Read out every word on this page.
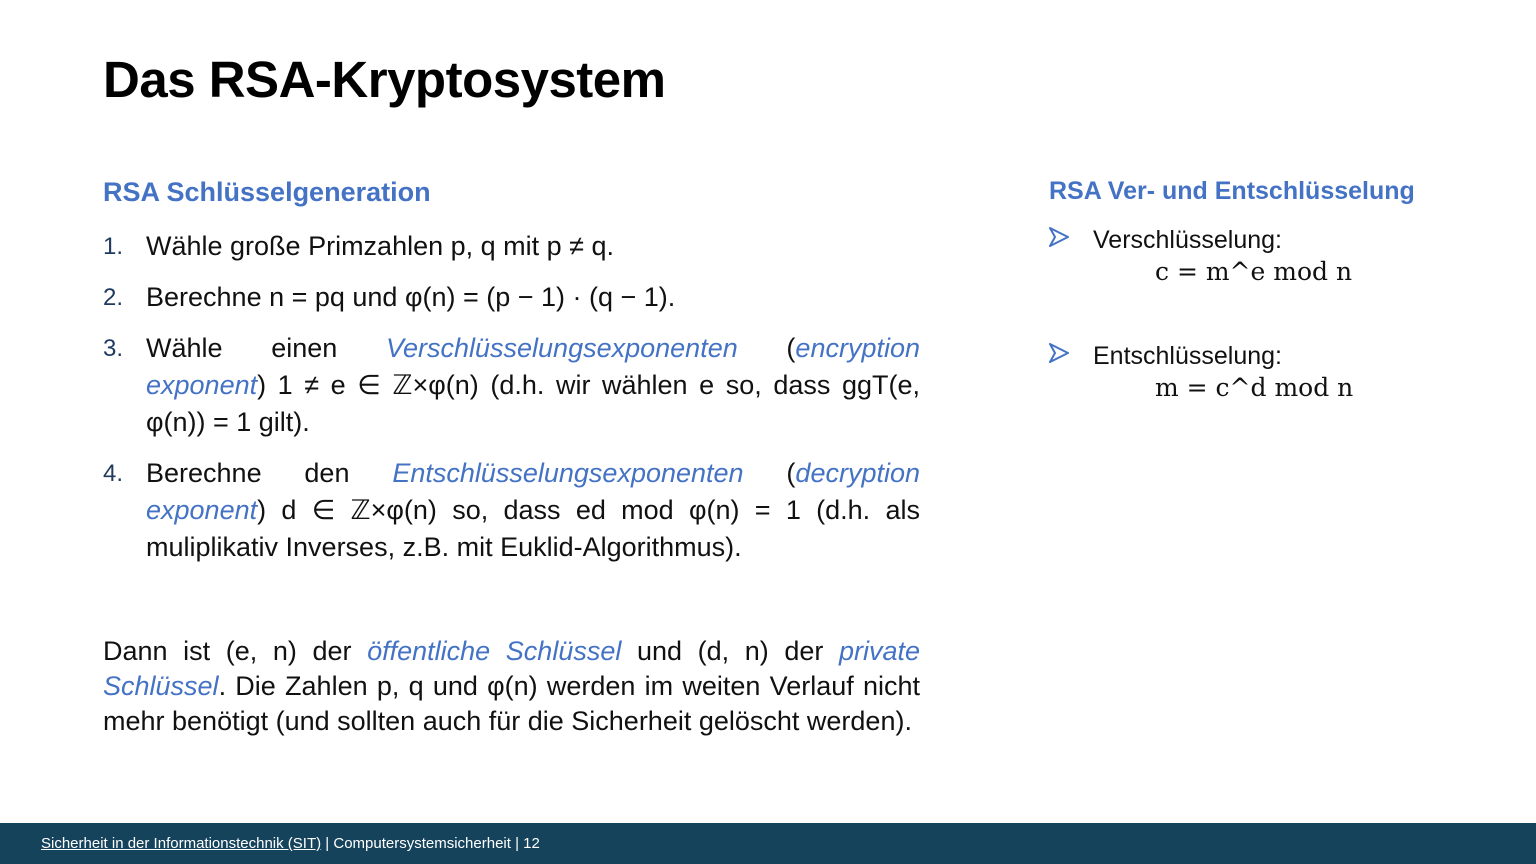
Das RSA-Kryptosystem
RSA Schlüsselgeneration	RSA Ver- und Entschlüsselung
1. Wähle große Primzahlen p, q mit p ≠ q.
2. Berechne n = pq und φ(n) = (p − 1) · (q − 1).
3. Wähle einen Verschlüsselungsexponenten (encryption exponent) 1 ≠ e ∈ ℤ×φ(n) (d.h. wir wählen e so, dass ggT(e, φ(n)) = 1 gilt).
4. Berechne den Entschlüsselungsexponenten (decryption exponent) d ∈ ℤ×φ(n) so, dass ed mod φ(n) = 1 (d.h. als muliplikativ Inverses, z.B. mit Euklid-Algorithmus).
Dann ist (e, n) der öffentliche Schlüssel und (d, n) der private Schlüssel. Die Zahlen p, q und φ(n) werden im weiten Verlauf nicht mehr benötigt (und sollten auch für die Sicherheit gelöscht werden).
Verschlüsselung:
c = m^e mod n
Entschlüsselung:
m = c^d mod n
Sicherheit in der Informationstechnik (SIT) | Computersystemsicherheit | 12
